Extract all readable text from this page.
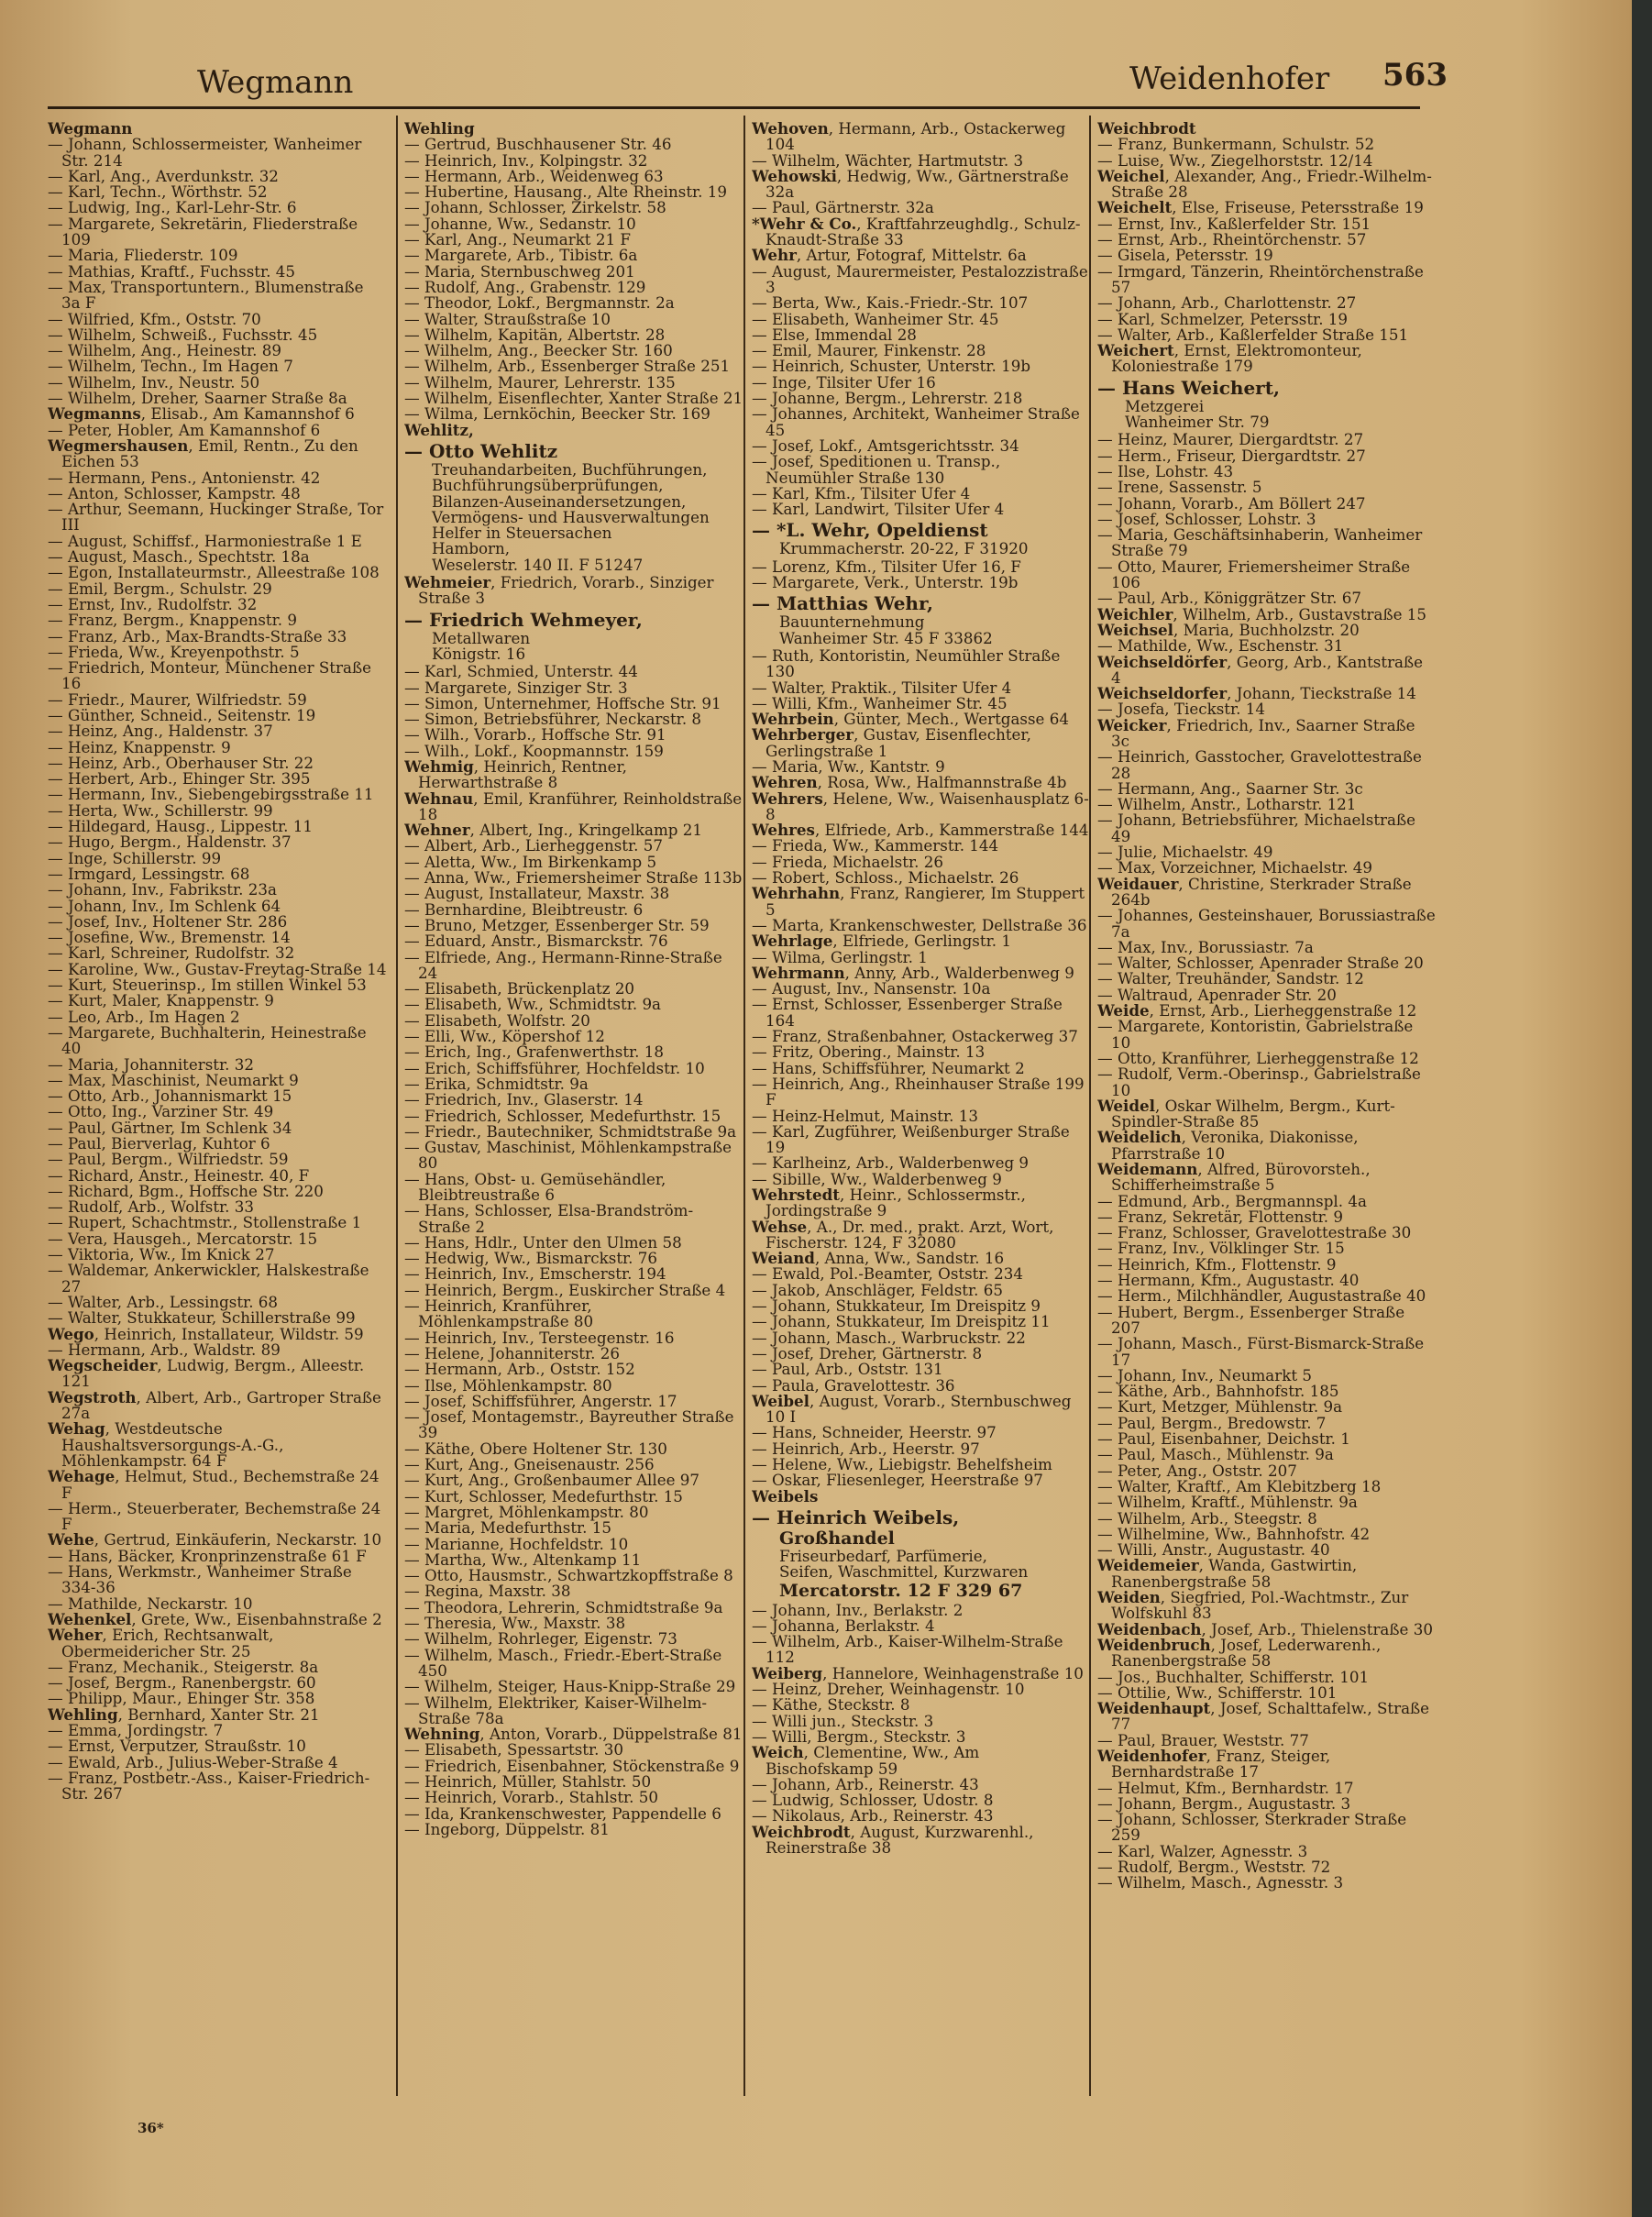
Wegmann	Weidenhofer 563
Wegmann
— Johann, Schlossermeister, Wanheimer Str. 214
— Karl, Ang., Averdunkstr. 32
— Karl, Techn., Wörthstr. 52
— Ludwig, Ing., Karl-Lehr-Str. 6
— Margarete, Sekretärin, Fliederstraße 109
— Maria, Fliederstr. 109
— Mathias, Kraftf., Fuchsstr. 45
— Max, Transportuntern., Blumenstraße 3a F
— Wilfried, Kfm., Oststr. 70
— Wilhelm, Schweiß., Fuchsstr. 45
— Wilhelm, Ang., Heinestr. 89
— Wilhelm, Techn., Im Hagen 7
— Wilhelm, Inv., Neustr. 50
— Wilhelm, Dreher, Saarner Straße 8a
Wegmanns, Elisab., Am Kamannshof 6
— Peter, Hobler, Am Kamannshof 6
Wegmershausen, Emil, Rentn., Zu den Eichen 53
— Hermann, Pens., Antonienstr. 42
— Anton, Schlosser, Kampstr. 48
— Arthur, Seemann, Huckinger Straße, Tor III
— August, Schiffsf., Harmoniestraße 1 E
— August, Masch., Spechtstr. 18a
— Egon, Installateurmstr., Alleestraße 108
— Emil, Bergm., Schulstr. 29
— Ernst, Inv., Rudolfstr. 32
— Franz, Bergm., Knappenstr. 9
— Franz, Arb., Max-Brandts-Straße 33
— Frieda, Ww., Kreyenpothstr. 5
— Friedrich, Monteur, Münchener Straße 16
— Friedr., Maurer, Wilfriedstr. 59
— Günther, Schneid., Seitenstr. 19
— Heinz, Ang., Haldenstr. 37
— Heinz, Knappenstr. 9
— Heinz, Arb., Oberhauser Str. 22
— Herbert, Arb., Ehinger Str. 395
— Hermann, Inv., Siebengebirgsstraße 11
— Herta, Ww., Schillerstr. 99
— Hildegard, Hausg., Lippestr. 11
— Hugo, Bergm., Haldenstr. 37
— Inge, Schillerstr. 99
— Irmgard, Lessingstr. 68
— Johann, Inv., Fabrikstr. 23a
— Johann, Inv., Im Schlenk 64
— Josef, Inv., Holtener Str. 286
— Josefine, Ww., Bremenstr. 14
— Karl, Schreiner, Rudolfstr. 32
— Karoline, Ww., Gustav-Freytag-Straße 14
— Kurt, Steuerinsp., Im stillen Winkel 53
— Kurt, Maler, Knappenstr. 9
— Leo, Arb., Im Hagen 2
— Margarete, Buchhalterin, Heinestraße 40
— Maria, Johanniterstr. 32
— Max, Maschinist, Neumarkt 9
— Otto, Arb., Johannismarkt 15
— Otto, Ing., Varziner Str. 49
— Paul, Gärtner, Im Schlenk 34
— Paul, Bierverlag, Kuhtor 6
— Paul, Bergm., Wilfriedstr. 59
— Richard, Anstr., Heinestr. 40, F
— Richard, Bgm., Hoffsche Str. 220
— Rudolf, Arb., Wolfstr. 33
— Rupert, Schachtmstr., Stollenstraße 1
— Vera, Hausgeh., Mercatorstr. 15
— Viktoria, Ww., Im Knick 27
— Waldemar, Ankerwickler, Halskestraße 27
— Walter, Arb., Lessingstr. 68
— Walter, Stukkateur, Schillerstraße 99
Wego, Heinrich, Installateur, Wildstr. 59
— Hermann, Arb., Waldstr. 89
Wegscheider, Ludwig, Bergm., Alleestr. 121
Wegstroth, Albert, Arb., Gartroper Straße 27a
Wehag, Westdeutsche Haushaltsversorgungs-A.-G., Möhlenkampstr. 64 F
Wehage, Helmut, Stud., Bechemstraße 24 F
— Herm., Steuerberater, Bechemstraße 24 F
Wehe, Gertrud, Einkäuferin, Neckarstr. 10
— Hans, Bäcker, Kronprinzenstraße 61 F
— Hans, Werkmstr., Wanheimer Straße 334-36
— Mathilde, Neckarstr. 10
Wehenkel, Grete, Ww., Eisenbahnstraße 2
Weher, Erich, Rechtsanwalt, Obermeidericher Str. 25
— Franz, Mechanik., Steigerstr. 8a
— Josef, Bergm., Ranenbergstr. 60
— Philipp, Maur., Ehinger Str. 358
Wehling, Bernhard, Xanter Str. 21
— Emma, Jordingstr. 7
— Ernst, Verputzer, Straußstr. 10
— Ewald, Arb., Julius-Weber-Straße 4
— Franz, Postbetr.-Ass., Kaiser-Friedrich-Str. 267
Wehling
— Gertrud, Buschhausener Str. 46
— Heinrich, Inv., Kolpingstr. 32
— Hermann, Arb., Weidenweg 63
— Hubertine, Hausang., Alte Rheinstr. 19
— Johann, Schlosser, Zirkelstr. 58
— Johanne, Ww., Sedanstr. 10
— Karl, Ang., Neumarkt 21 F
— Margarete, Arb., Tibistr. 6a
— Maria, Sternbuschweg 201
— Rudolf, Ang., Grabenstr. 129
— Theodor, Lokf., Bergmannstr. 2a
— Walter, Straußstraße 10
— Wilhelm, Kapitän, Albertstr. 28
— Wilhelm, Ang., Beecker Str. 160
— Wilhelm, Arb., Essenberger Straße 251
— Wilhelm, Maurer, Lehrerstr. 135
— Wilhelm, Eisenflechter, Xanter Straße 21
— Wilma, Lernköchin, Beecker Str. 169
Wehlitz,
— Otto Wehlitz
Treuhandarbeiten, Buchführungen,
Buchführungsüberprüfungen,
Bilanzen-Auseinandersetzungen,
Vermögens- und Hausverwaltungen
Helfer in Steuersachen
Hamborn,
Weselerstr. 140 II. F 51247
Wehmeier, Friedrich, Vorarb., Sinziger Straße 3
— Friedrich Wehmeyer,
Metallwaren
Königstr. 16
— Karl, Schmied, Unterstr. 44
— Margarete, Sinziger Str. 3
— Simon, Unternehmer, Hoffsche Str. 91
— Simon, Betriebsführer, Neckarstr. 8
— Wilh., Vorarb., Hoffsche Str. 91
— Wilh., Lokf., Koopmannstr. 159
Wehmig, Heinrich, Rentner, Herwarthstraße 8
Wehnau, Emil, Kranführer, Reinholdstraße 18
Wehner, Albert, Ing., Kringelkamp 21
— Albert, Arb., Lierheggenstr. 57
— Aletta, Ww., Im Birkenkamp 5
— Anna, Ww., Friemersheimer Straße 113b
— August, Installateur, Maxstr. 38
— Bernhardine, Bleibtreustr. 6
— Bruno, Metzger, Essenberger Str. 59
— Eduard, Anstr., Bismarckstr. 76
— Elfriede, Ang., Hermann-Rinne-Straße 24
— Elisabeth, Brückenplatz 20
— Elisabeth, Ww., Schmidtstr. 9a
— Elisabeth, Wolfstr. 20
— Elli, Ww., Köpershof 12
— Erich, Ing., Grafenwerthstr. 18
— Erich, Schiffsführer, Hochfeldstr. 10
— Erika, Schmidtstr. 9a
— Friedrich, Inv., Glaserstr. 14
— Friedrich, Schlosser, Medefurthstr. 15
— Friedr., Bautechniker, Schmidtstraße 9a
— Gustav, Maschinist, Möhlenkampstraße 80
— Hans, Obst- u. Gemüsehändler, Bleibtreustraße 6
— Hans, Schlosser, Elsa-Brandström-Straße 2
— Hans, Hdlr., Unter den Ulmen 58
— Hedwig, Ww., Bismarckstr. 76
— Heinrich, Inv., Emscherstr. 194
— Heinrich, Bergm., Euskircher Straße 4
— Heinrich, Kranführer, Möhlenkampstraße 80
— Heinrich, Inv., Tersteegenstr. 16
— Helene, Johanniterstr. 26
— Hermann, Arb., Oststr. 152
— Ilse, Möhlenkampstr. 80
— Josef, Schiffsführer, Angerstr. 17
— Josef, Montagemstr., Bayreuther Straße 39
— Käthe, Obere Holtener Str. 130
— Kurt, Ang., Gneisenaustr. 256
— Kurt, Ang., Großenbaumer Allee 97
— Kurt, Schlosser, Medefurthstr. 15
— Margret, Möhlenkampstr. 80
— Maria, Medefurthstr. 15
— Marianne, Hochfeldstr. 10
— Martha, Ww., Altenkamp 11
— Otto, Hausmstr., Schwartzkopffstraße 8
— Regina, Maxstr. 38
— Theodora, Lehrerin, Schmidtstraße 9a
— Theresia, Ww., Maxstr. 38
— Wilhelm, Rohrleger, Eigenstr. 73
— Wilhelm, Masch., Friedr.-Ebert-Straße 450
— Wilhelm, Steiger, Haus-Knipp-Straße 29
— Wilhelm, Elektriker, Kaiser-Wilhelm-Straße 78a
Wehning, Anton, Vorarb., Düppelstraße 81
— Elisabeth, Spessartstr. 30
— Friedrich, Eisenbahner, Stöckenstraße 9
— Heinrich, Müller, Stahlstr. 50
— Heinrich, Vorarb., Stahlstr. 50
— Ida, Krankenschwester, Pappendelle 6
— Ingeborg, Düppelstr. 81
Wehoven, Hermann, Arb., Ostackerweg 104
— Wilhelm, Wächter, Hartmutstr. 3
Wehowski, Hedwig, Ww., Gärtnerstraße 32a
— Paul, Gärtnerstr. 32a
*Wehr & Co., Kraftfahrzeughdlg., Schulz-Knaudt-Straße 33
Wehr, Artur, Fotograf, Mittelstr. 6a
— August, Maurermeister, Pestalozzistraße 3
— Berta, Ww., Kais.-Friedr.-Str. 107
— Elisabeth, Wanheimer Str. 45
— Else, Immendal 28
— Emil, Maurer, Finkenstr. 28
— Heinrich, Schuster, Unterstr. 19b
— Inge, Tilsiter Ufer 16
— Johanne, Bergm., Lehrerstr. 218
— Johannes, Architekt, Wanheimer Straße 45
— Josef, Lokf., Amtsgerichtsstr. 34
— Josef, Speditionen u. Transp., Neumühler Straße 130
— Karl, Kfm., Tilsiter Ufer 4
— Karl, Landwirt, Tilsiter Ufer 4
— *L. Wehr, Opeldienst
Krummacherstr. 20-22, F 31920
— Lorenz, Kfm., Tilsiter Ufer 16, F
— Margarete, Verk., Unterstr. 19b
— Matthias Wehr,
Bauunternehmung
Wanheimer Str. 45 F 33862
— Ruth, Kontoristin, Neumühler Straße 130
— Walter, Praktik., Tilsiter Ufer 4
— Willi, Kfm., Wanheimer Str. 45
Wehrbein, Günter, Mech., Wertgasse 64
Wehrberger, Gustav, Eisenflechter, Gerlingstraße 1
— Maria, Ww., Kantstr. 9
Wehren, Rosa, Ww., Halfmannstraße 4b
Wehrers, Helene, Ww., Waisenhausplatz 6-8
Wehres, Elfriede, Arb., Kammerstraße 144
— Frieda, Ww., Kammerstr. 144
— Frieda, Michaelstr. 26
— Robert, Schloss., Michaelstr. 26
Wehrhahn, Franz, Rangierer, Im Stuppert 5
— Marta, Krankenschwester, Dellstraße 36
Wehrlage, Elfriede, Gerlingstr. 1
— Wilma, Gerlingstr. 1
Wehrmann, Anny, Arb., Walderbenweg 9
— August, Inv., Nansenstr. 10a
— Ernst, Schlosser, Essenberger Straße 164
— Franz, Straßenbahner, Ostackerweg 37
— Fritz, Obering., Mainstr. 13
— Hans, Schiffsführer, Neumarkt 2
— Heinrich, Ang., Rheinhauser Straße 199 F
— Heinz-Helmut, Mainstr. 13
— Karl, Zugführer, Weißenburger Straße 19
— Karlheinz, Arb., Walderbenweg 9
— Sibille, Ww., Walderbenweg 9
Wehrstedt, Heinr., Schlossermstr., Jordingstraße 9
Wehse, A., Dr. med., prakt. Arzt, Wort, Fischerstr. 124, F 32080
Weiand, Anna, Ww., Sandstr. 16
— Ewald, Pol.-Beamter, Oststr. 234
— Jakob, Anschläger, Feldstr. 65
— Johann, Stukkateur, Im Dreispitz 9
— Johann, Stukkateur, Im Dreispitz 11
— Johann, Masch., Warbruckstr. 22
— Josef, Dreher, Gärtnerstr. 8
— Paul, Arb., Oststr. 131
— Paula, Gravelottestr. 36
Weibel, August, Vorarb., Sternbuschweg 10 I
— Hans, Schneider, Heerstr. 97
— Heinrich, Arb., Heerstr. 97
— Helene, Ww., Liebigstr. Behelfsheim
— Oskar, Fliesenleger, Heerstraße 97
Weibels
— Heinrich Weibels,
Großhandel
Friseurbedarf, Parfümerie,
Seifen, Waschmittel, Kurzwaren
Mercatorstr. 12 F 329 67
— Johann, Inv., Berlakstr. 2
— Johanna, Berlakstr. 4
— Wilhelm, Arb., Kaiser-Wilhelm-Straße 112
Weiberg, Hannelore, Weinhagenstraße 10
— Heinz, Dreher, Weinhagenstr. 10
— Käthe, Steckstr. 8
— Willi jun., Steckstr. 3
— Willi, Bergm., Steckstr. 3
Weich, Clementine, Ww., Am Bischofskamp 59
— Johann, Arb., Reinerstr. 43
— Ludwig, Schlosser, Udostr. 8
— Nikolaus, Arb., Reinerstr. 43
Weichbrodt, August, Kurzwarenhl., Reinerstraße 38
Weichbrodt
— Franz, Bunkermann, Schulstr. 52
— Luise, Ww., Ziegelhorststr. 12/14
Weichel, Alexander, Ang., Friedr.-Wilhelm-Straße 28
Weichelt, Else, Friseuse, Petersstraße 19
— Ernst, Inv., Kaßlerfelder Str. 151
— Ernst, Arb., Rheintörchenstr. 57
— Gisela, Petersstr. 19
— Irmgard, Tänzerin, Rheintörchenstraße 57
— Johann, Arb., Charlottenstr. 27
— Karl, Schmelzer, Petersstr. 19
— Walter, Arb., Kaßlerfelder Straße 151
Weichert, Ernst, Elektromonteur, Koloniestraße 179
— Hans Weichert,
Metzgerei
Wanheimer Str. 79
— Heinz, Maurer, Diergardtstr. 27
— Herm., Friseur, Diergardtstr. 27
— Ilse, Lohstr. 43
— Irene, Sassenstr. 5
— Johann, Vorarb., Am Böllert 247
— Josef, Schlosser, Lohstr. 3
— Maria, Geschäftsinhaberin, Wanheimer Straße 79
— Otto, Maurer, Friemersheimer Straße 106
— Paul, Arb., Königgrätzer Str. 67
Weichler, Wilhelm, Arb., Gustavstraße 15
Weichsel, Maria, Buchholzstr. 20
— Mathilde, Ww., Eschenstr. 31
Weichseldörfer, Georg, Arb., Kantstraße 4
Weichseldorfer, Johann, Tieckstraße 14
— Josefa, Tieckstr. 14
Weicker, Friedrich, Inv., Saarner Straße 3c
— Heinrich, Gasstocher, Gravelottestraße 28
— Hermann, Ang., Saarner Str. 3c
— Wilhelm, Anstr., Lotharstr. 121
— Johann, Betriebsführer, Michaelstraße 49
— Julie, Michaelstr. 49
— Max, Vorzeichner, Michaelstr. 49
Weidauer, Christine, Sterkrader Straße 264b
— Johannes, Gesteinshauer, Borussiastraße 7a
— Max, Inv., Borussiastr. 7a
— Walter, Schlosser, Apenrader Straße 20
— Walter, Treuhänder, Sandstr. 12
— Waltraud, Apenrader Str. 20
Weide, Ernst, Arb., Lierheggenstraße 12
— Margarete, Kontoristin, Gabrielstraße 10
— Otto, Kranführer, Lierheggenstraße 12
— Rudolf, Verm.-Oberinsp., Gabrielstraße 10
Weidel, Oskar Wilhelm, Bergm., Kurt-Spindler-Straße 85
Weidelich, Veronika, Diakonisse, Pfarrstraße 10
Weidemann, Alfred, Bürovorsteh., Schifferheimstraße 5
— Edmund, Arb., Bergmannspl. 4a
— Franz, Sekretär, Flottenstr. 9
— Franz, Schlosser, Gravelottestraße 30
— Franz, Inv., Völklinger Str. 15
— Heinrich, Kfm., Flottenstr. 9
— Hermann, Kfm., Augustastr. 40
— Herm., Milchhändler, Augustastraße 40
— Hubert, Bergm., Essenberger Straße 207
— Johann, Masch., Fürst-Bismarck-Straße 17
— Johann, Inv., Neumarkt 5
— Käthe, Arb., Bahnhofstr. 185
— Kurt, Metzger, Mühlenstr. 9a
— Paul, Bergm., Bredowstr. 7
— Paul, Eisenbahner, Deichstr. 1
— Paul, Masch., Mühlenstr. 9a
— Peter, Ang., Oststr. 207
— Walter, Kraftf., Am Klebitzberg 18
— Wilhelm, Kraftf., Mühlenstr. 9a
— Wilhelm, Arb., Steegstr. 8
— Wilhelmine, Ww., Bahnhofstr. 42
— Willi, Anstr., Augustastr. 40
Weidemeier, Wanda, Gastwirtin, Ranenbergstraße 58
Weiden, Siegfried, Pol.-Wachtmstr., Zur Wolfskuhl 83
Weidenbach, Josef, Arb., Thielenstraße 30
Weidenbruch, Josef, Lederwarenh., Ranenbergstraße 58
— Jos., Buchhalter, Schifferstr. 101
— Ottilie, Ww., Schifferstr. 101
Weidenhaupt, Josef, Schalttafelw., Straße 77
— Paul, Brauer, Weststr. 77
Weidenhofer, Franz, Steiger, Bernhardstraße 17
— Helmut, Kfm., Bernhardstr. 17
— Johann, Bergm., Augustastr. 3
— Johann, Schlosser, Sterkrader Straße 259
— Karl, Walzer, Agnesstr. 3
— Rudolf, Bergm., Weststr. 72
— Wilhelm, Masch., Agnesstr. 3
36*
